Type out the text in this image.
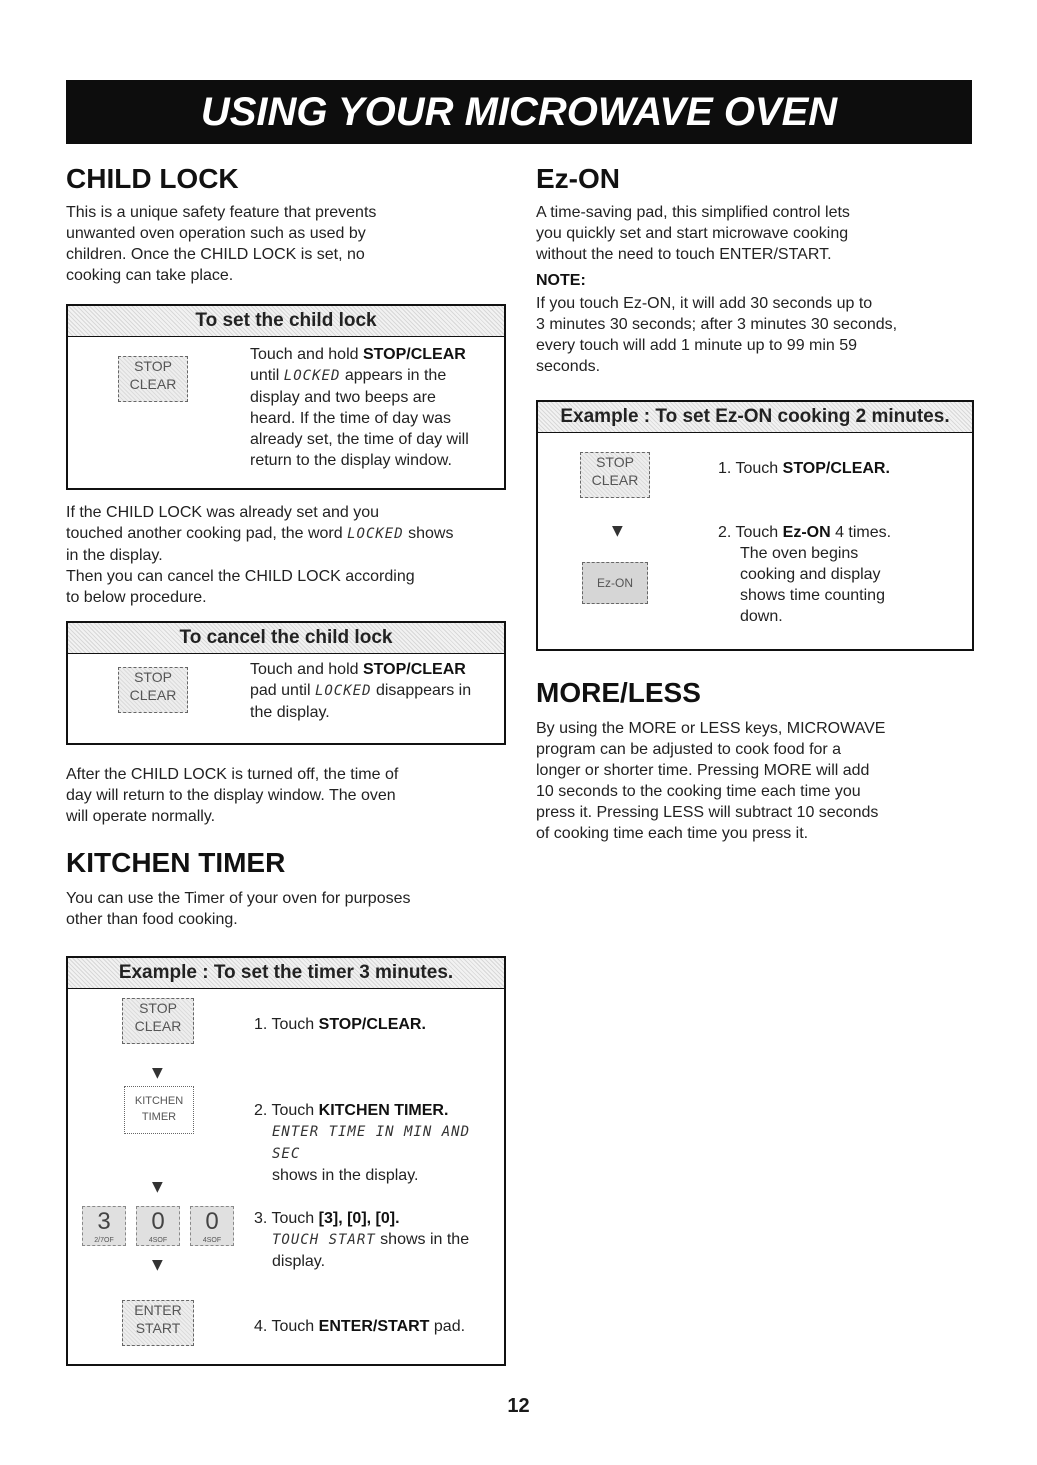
USING YOUR MICROWAVE OVEN
CHILD LOCK

This is a unique safety feature that prevents
unwanted oven operation such as used by
children. Once the CHILD LOCK is set, no
cooking can take place.

To set the child lock
STOP
CLEAR
Touch and hold STOP/CLEAR
until LOCKED appears in the
display and two beeps are
heard. If the time of day was
already set, the time of day will
return to the display window.

If the CHILD LOCK was already set and you
touched another cooking pad, the word LOCKED shows
in the display.
Then you can cancel the CHILD LOCK according
to below procedure.

To cancel the child lock
STOP
CLEAR
Touch and hold STOP/CLEAR
pad until LOCKED disappears in
the display.

After the CHILD LOCK is turned off, the time of
day will return to the display window. The oven
will operate normally.

KITCHEN TIMER

You can use the Timer of your oven for purposes
other than food cooking.

Example : To set the timer 3 minutes.
STOP
CLEAR	1. Touch STOP/CLEAR.
▼
KITCHEN
TIMER	2. Touch KITCHEN TIMER.
ENTER TIME IN MIN AND SEC
shows in the display.
▼
3
2/7OF
0
4SOF
0
4SOF
3. Touch [3], [0], [0].
TOUCH START shows in the
display.
▼
ENTER
START	4. Touch ENTER/START pad.
Ez-ON

A time-saving pad, this simplified control lets
you quickly set and start microwave cooking
without the need to touch ENTER/START.

NOTE:

If you touch Ez-ON, it will add 30 seconds up to
3 minutes 30 seconds; after 3 minutes 30 seconds,
every touch will add 1 minute up to 99 min 59
seconds.

Example : To set Ez-ON cooking 2 minutes.
STOP
CLEAR
1. Touch STOP/CLEAR.
▼
Ez-ON
2. Touch Ez-ON 4 times.
The oven begins
cooking and display
shows time counting
down.
MORE/LESS

By using the MORE or LESS keys, MICROWAVE
program can be adjusted to cook food for a
longer or shorter time. Pressing MORE will add
10 seconds to the cooking time each time you
press it. Pressing LESS will subtract 10 seconds
of cooking time each time you press it.

12
